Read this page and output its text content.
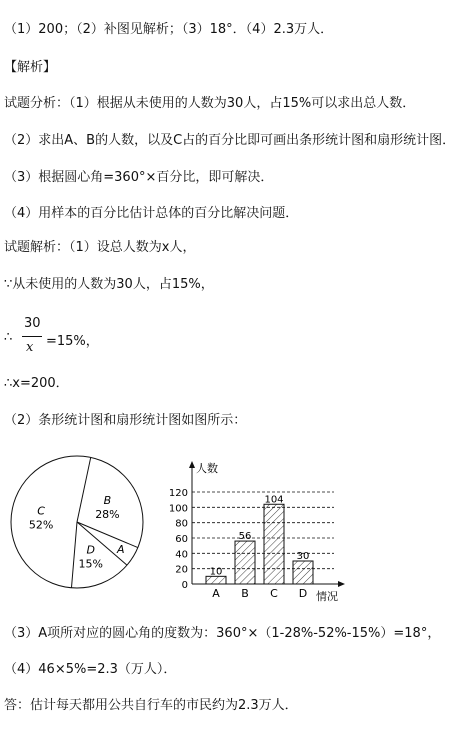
（1）200；（2）补图见解析；（3）18°．（4）2.3万人．
【解析】
试题分析：（1）根据从未使用的人数为30人，占15%可以求出总人数．
（2）求出A、B的人数，以及C占的百分比即可画出条形统计图和扇形统计图．
（3）根据圆心角=360°×百分比，即可解决．
（4）用样本的百分比估计总体的百分比解决问题．
试题解析：（1）设总人数为x人，
∵从未使用的人数为30人，占15%，
∴
30
x =15%，
∴x=200．
（2）条形统计图和扇形统计图如图所示：
B
28%
A
D
15%
C
52%
10
56
104
30
0
20
40
60
80
100
120
人数
情况
A B C D
（3）A项所对应的圆心角的度数为：360°×（1-28%-52%-15%）=18°，
（4）46×5%=2.3（万人）．
答：估计每天都用公共自行车的市民约为2.3万人．
